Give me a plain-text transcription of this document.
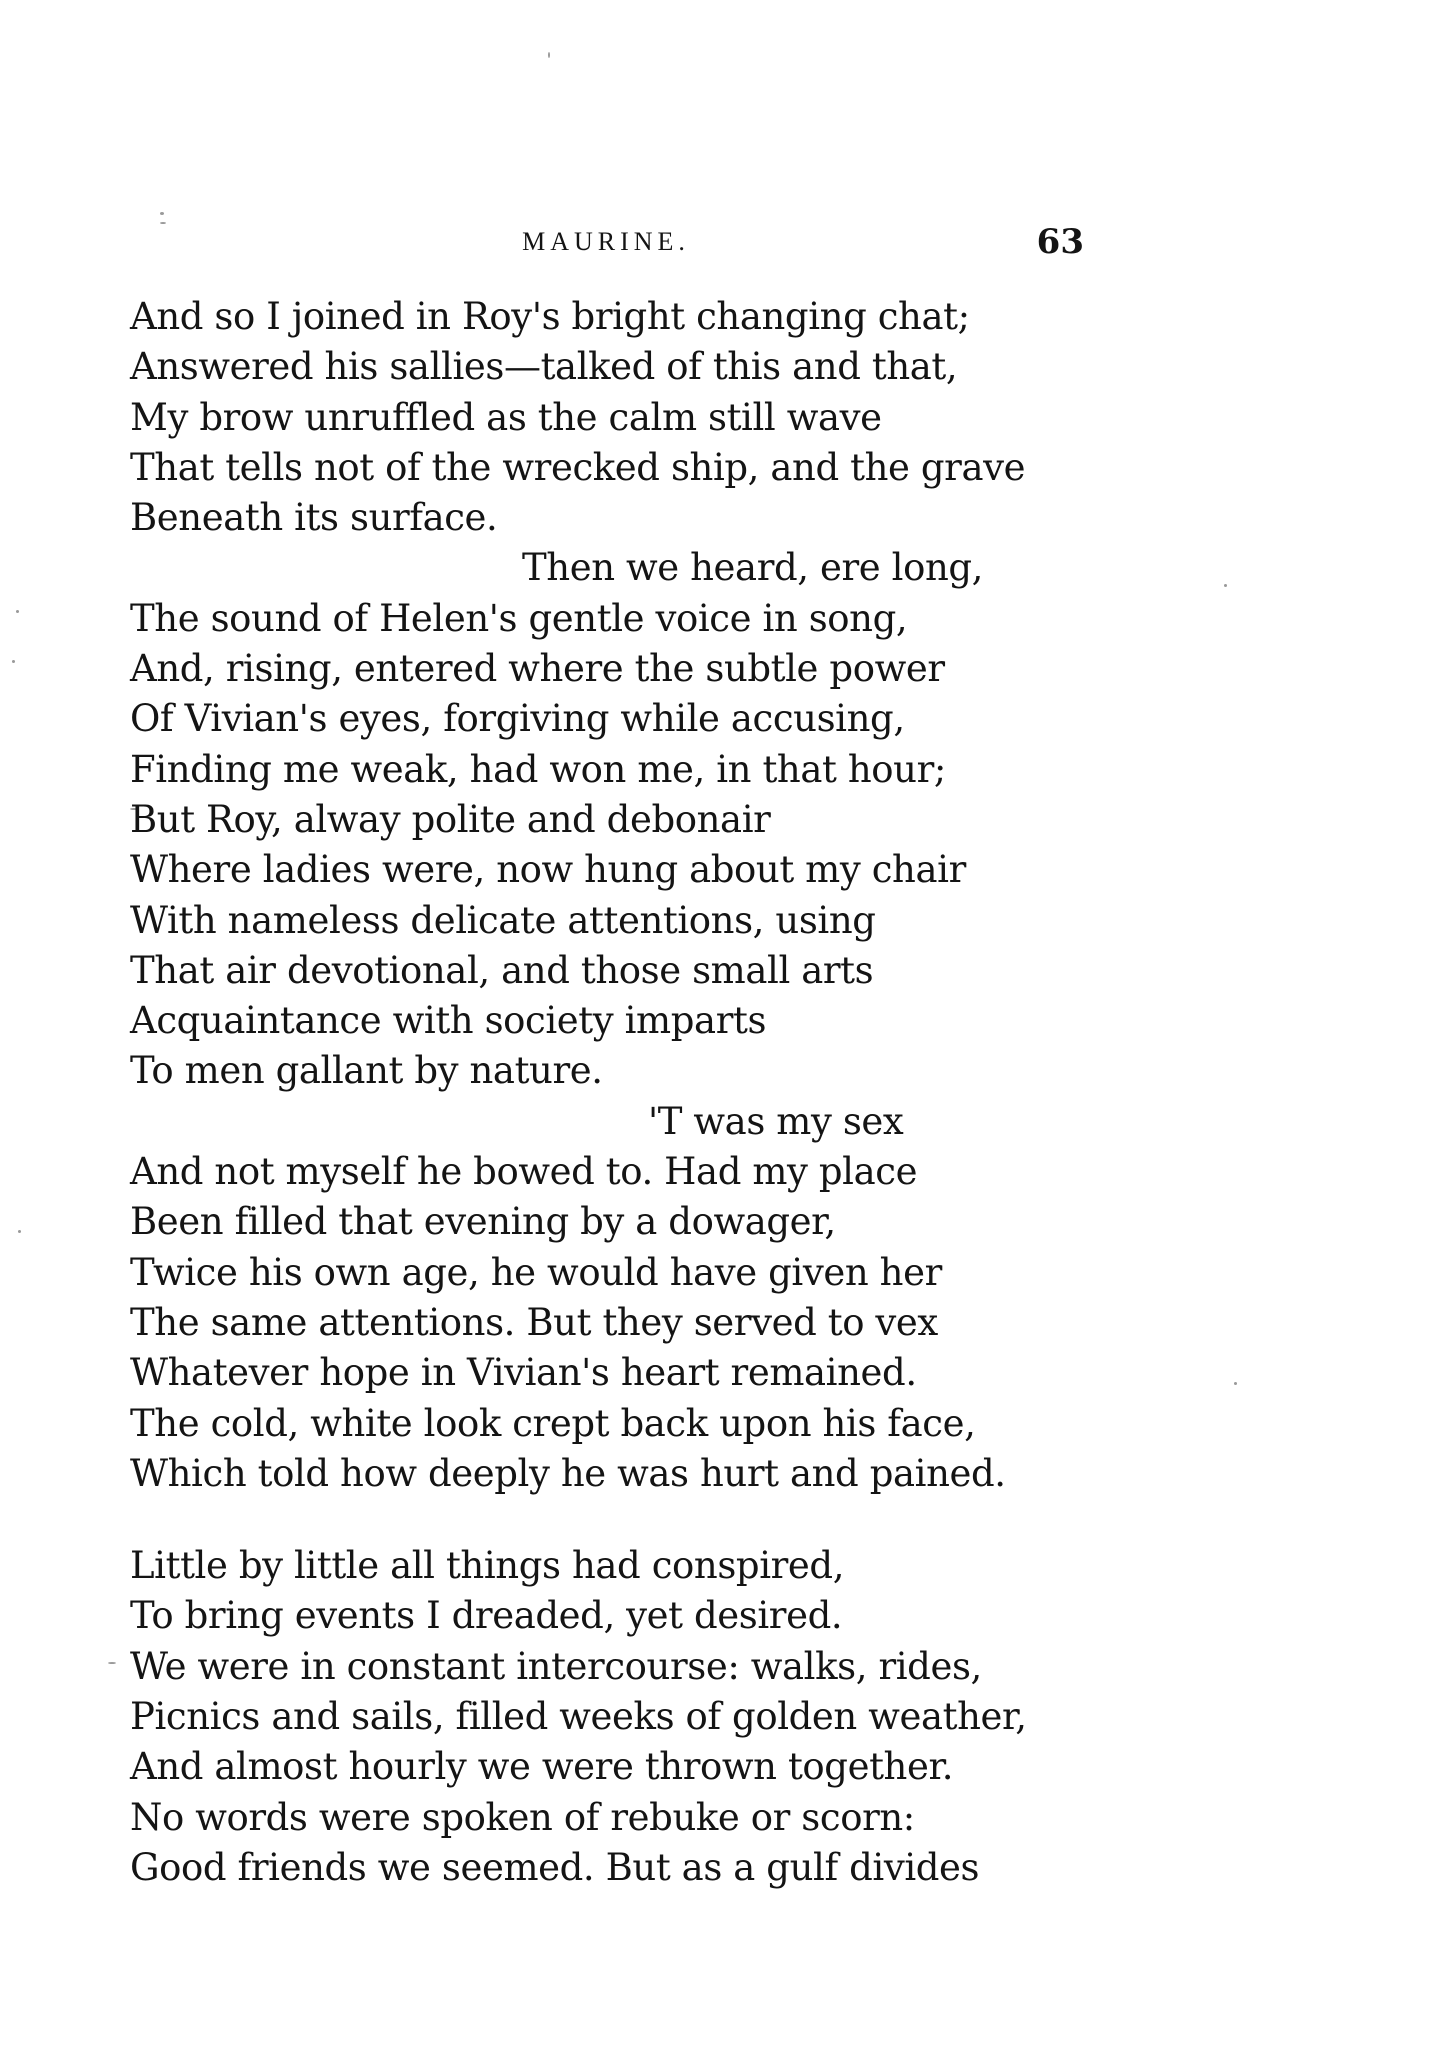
MAURINE.	63
And so I joined in Roy's bright changing chat;
Answered his sallies—talked of this and that,
My brow unruffled as the calm still wave
That tells not of the wrecked ship, and the grave
Beneath its surface.
Then we heard, ere long,
The sound of Helen's gentle voice in song,
And, rising, entered where the subtle power
Of Vivian's eyes, forgiving while accusing,
Finding me weak, had won me, in that hour;
But Roy, alway polite and debonair
Where ladies were, now hung about my chair
With nameless delicate attentions, using
That air devotional, and those small arts
Acquaintance with society imparts
To men gallant by nature.
'T was my sex
And not myself he bowed to. Had my place
Been filled that evening by a dowager,
Twice his own age, he would have given her
The same attentions. But they served to vex
Whatever hope in Vivian's heart remained.
The cold, white look crept back upon his face,
Which told how deeply he was hurt and pained.
Little by little all things had conspired,
To bring events I dreaded, yet desired.
We were in constant intercourse: walks, rides,
Picnics and sails, filled weeks of golden weather,
And almost hourly we were thrown together.
No words were spoken of rebuke or scorn:
Good friends we seemed. But as a gulf divides
